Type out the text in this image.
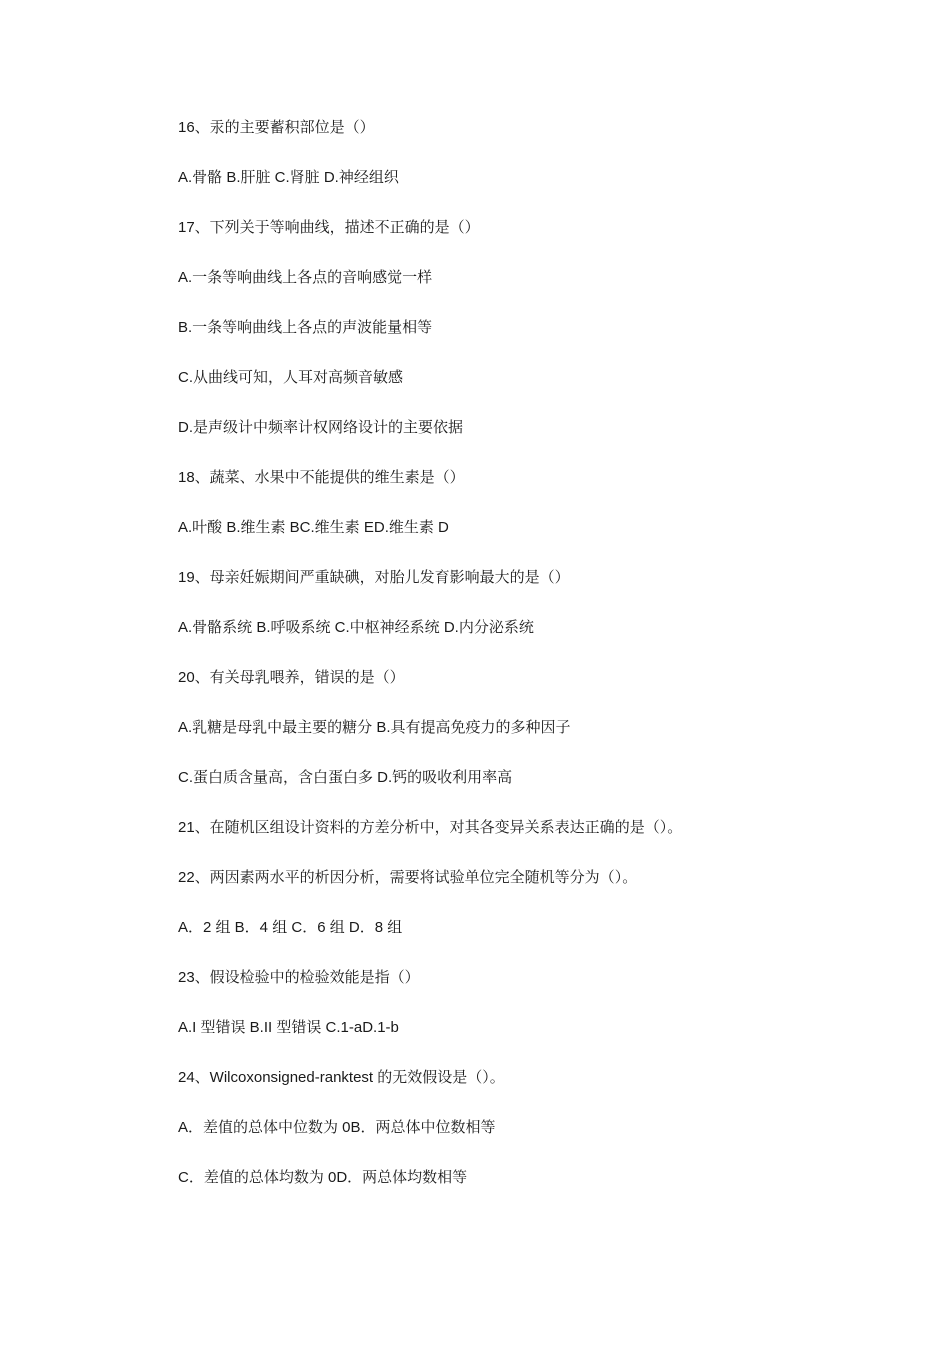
16、汞的主要蓄积部位是（）

A.骨骼 B.肝脏 C.肾脏 D.神经组织

17、下列关于等响曲线，描述不正确的是（）

A.一条等响曲线上各点的音响感觉一样

B.一条等响曲线上各点的声波能量相等

C.从曲线可知，人耳对高频音敏感

D.是声级计中频率计权网络设计的主要依据

18、蔬菜、水果中不能提供的维生素是（）

A.叶酸 B.维生素 BC.维生素 ED.维生素 D

19、母亲妊娠期间严重缺碘，对胎儿发育影响最大的是（）

A.骨骼系统 B.呼吸系统 C.中枢神经系统 D.内分泌系统

20、有关母乳喂养，错误的是（）

A.乳糖是母乳中最主要的糖分 B.具有提高免疫力的多种因子

C.蛋白质含量高，含白蛋白多 D.钙的吸收利用率高

21、在随机区组设计资料的方差分析中，对其各变异关系表达正确的是（）。

22、两因素两水平的析因分析，需要将试验单位完全随机等分为（）。

A．2 组 B．4 组 C．6 组 D．8 组

23、假设检验中的检验效能是指（）

A.I 型错误 B.II 型错误 C.1-aD.1-b

24、Wilcoxonsigned-ranktest 的无效假设是（）。

A．差值的总体中位数为 0B．两总体中位数相等

C．差值的总体均数为 0D．两总体均数相等
